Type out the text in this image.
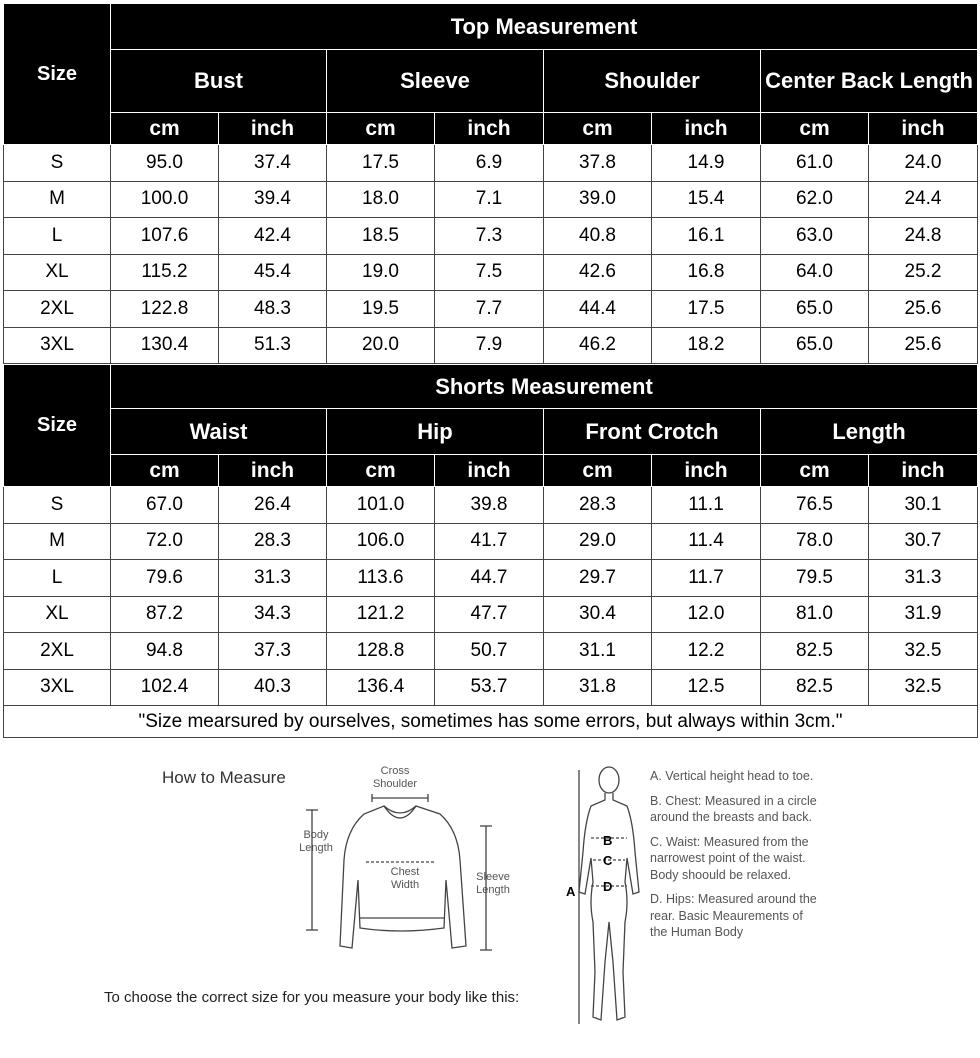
Size	Top Measurement							
	Bust		Sleeve		Shoulder		Center Back Length	
	cm	inch	cm	inch	cm	inch	cm	inch
S	95.0	37.4	17.5	6.9	37.8	14.9	61.0	24.0
M	100.0	39.4	18.0	7.1	39.0	15.4	62.0	24.4
L	107.6	42.4	18.5	7.3	40.8	16.1	63.0	24.8
XL	115.2	45.4	19.0	7.5	42.6	16.8	64.0	25.2
2XL	122.8	48.3	19.5	7.7	44.4	17.5	65.0	25.6
3XL	130.4	51.3	20.0	7.9	46.2	18.2	65.0	25.6
Size	Shorts Measurement							
	Waist		Hip		Front Crotch		Length	
	cm	inch	cm	inch	cm	inch	cm	inch
S	67.0	26.4	101.0	39.8	28.3	11.1	76.5	30.1
M	72.0	28.3	106.0	41.7	29.0	11.4	78.0	30.7
L	79.6	31.3	113.6	44.7	29.7	11.7	79.5	31.3
XL	87.2	34.3	121.2	47.7	30.4	12.0	81.0	31.9
2XL	94.8	37.3	128.8	50.7	31.1	12.2	82.5	32.5
3XL	102.4	40.3	136.4	53.7	31.8	12.5	82.5	32.5
"Size mearsured by ourselves, sometimes has some errors, but always within 3cm."								
How to Measure
To choose the correct size for you measure your body like this:
Cross Shoulder
Body Length
Chest Width
Sleeve Length	A
B
C
D

A. Vertical height head to toe.

B. Chest: Measured in a circle around the breasts and back.

C. Waist: Measured from the narrowest point of the waist. Body shoould be relaxed.

D. Hips: Measured around the rear. Basic Meaurements of the Human Body
